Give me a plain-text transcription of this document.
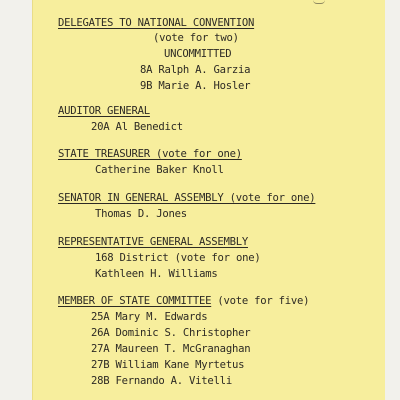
DELEGATES TO NATIONAL CONVENTION
(vote for two)
UNCOMMITTED
8A Ralph A. Garzia
9B Marie A. Hosler
AUDITOR GENERAL
20A Al Benedict
STATE TREASURER (vote for one)
Catherine Baker Knoll
SENATOR IN GENERAL ASSEMBLY (vote for one)
Thomas D. Jones
REPRESENTATIVE GENERAL ASSEMBLY
168 District (vote for one)
Kathleen H. Williams
MEMBER OF STATE COMMITTEE (vote for five)
25A Mary M. Edwards
26A Dominic S. Christopher
27A Maureen T. McGranaghan
27B William Kane Myrtetus
28B Fernando A. Vitelli
